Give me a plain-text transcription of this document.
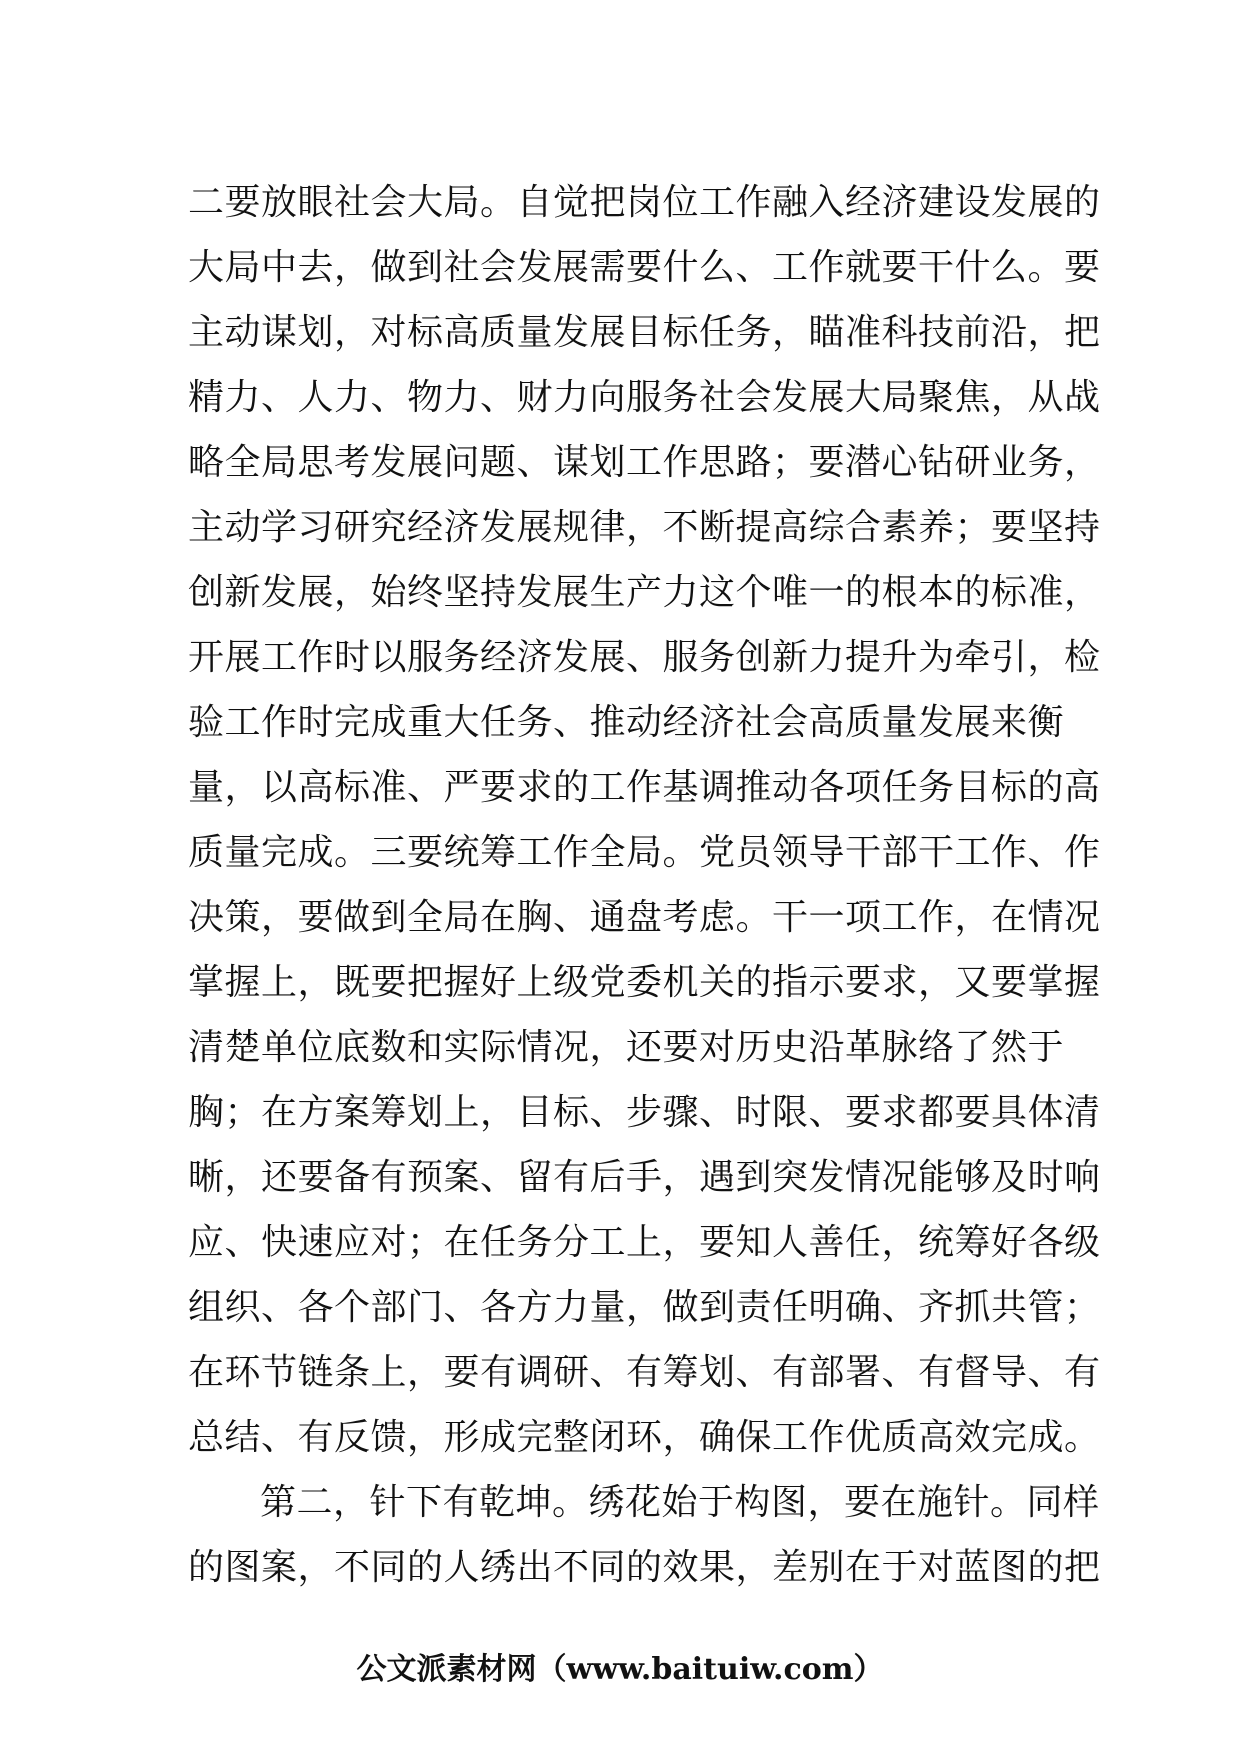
二要放眼社会大局。自觉把岗位工作融入经济建设发展的
大局中去，做到社会发展需要什么、工作就要干什么。要
主动谋划，对标高质量发展目标任务，瞄准科技前沿，把
精力、人力、物力、财力向服务社会发展大局聚焦，从战
略全局思考发展问题、谋划工作思路；要潜心钻研业务，
主动学习研究经济发展规律，不断提高综合素养；要坚持
创新发展，始终坚持发展生产力这个唯一的根本的标准，
开展工作时以服务经济发展、服务创新力提升为牵引，检
验工作时完成重大任务、推动经济社会高质量发展来衡
量，以高标准、严要求的工作基调推动各项任务目标的高
质量完成。三要统筹工作全局。党员领导干部干工作、作
决策，要做到全局在胸、通盘考虑。干一项工作，在情况
掌握上，既要把握好上级党委机关的指示要求，又要掌握
清楚单位底数和实际情况，还要对历史沿革脉络了然于
胸；在方案筹划上，目标、步骤、时限、要求都要具体清
晰，还要备有预案、留有后手，遇到突发情况能够及时响
应、快速应对；在任务分工上，要知人善任，统筹好各级
组织、各个部门、各方力量，做到责任明确、齐抓共管；
在环节链条上，要有调研、有筹划、有部署、有督导、有
总结、有反馈，形成完整闭环，确保工作优质高效完成。
第二，针下有乾坤。绣花始于构图，要在施针。同样
的图案，不同的人绣出不同的效果，差别在于对蓝图的把
公文派素材网（www.baituiw.com）
